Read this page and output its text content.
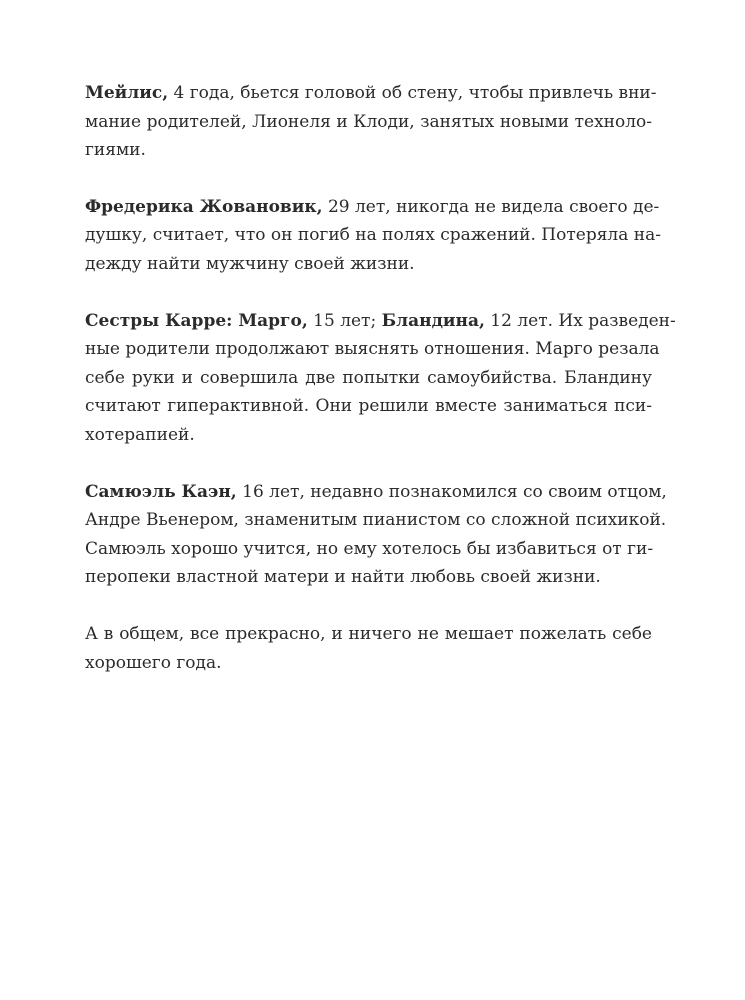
Мейлис, 4 года, бьется головой об стену, чтобы привлечь вни-
мание родителей, Лионеля и Клоди, занятых новыми техноло-
гиями.

Фредерика Жовановик, 29 лет, никогда не видела своего де-
душку, считает, что он погиб на полях сражений. Потеряла на-
дежду найти мужчину своей жизни.

Сестры Карре: Марго, 15 лет; Бландина, 12 лет. Их разведен-
ные родители продолжают выяснять отношения. Марго резала
себе руки и совершила две попытки самоубийства. Бландину
считают гиперактивной. Они решили вместе заниматься пси-
хотерапией.

Самюэль Каэн, 16 лет, недавно познакомился со своим отцом,
Андре Вьенером, знаменитым пианистом со сложной психикой.
Самюэль хорошо учится, но ему хотелось бы избавиться от ги-
перопеки властной матери и найти любовь своей жизни.

А в общем, все прекрасно, и ничего не мешает пожелать себе
хорошего года.
